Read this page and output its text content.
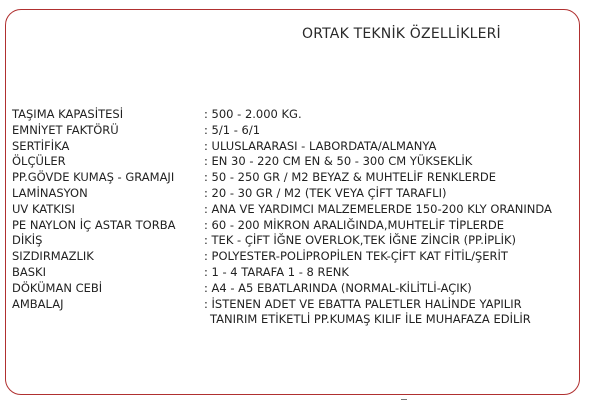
ORTAK TEKNİK ÖZELLİKLERİ
TAŞIMA KAPASİTESİ	: 500 - 2.000 KG.
EMNİYET FAKTÖRÜ	: 5/1 - 6/1
SERTİFİKA	: ULUSLARARASI - LABORDATA/ALMANYA
ÖLÇÜLER	: EN 30 - 220 CM EN & 50 - 300 CM YÜKSEKLİK
PP.GÖVDE KUMAŞ - GRAMAJI	: 50 - 250 GR / M2 BEYAZ & MUHTELİF RENKLERDE
LAMİNASYON	: 20 - 30 GR / M2 (TEK VEYA ÇİFT TARAFLI)
UV KATKISI	: ANA VE YARDIMCI MALZEMELERDE 150-200 KLY ORANINDA
PE NAYLON İÇ ASTAR TORBA : 60 - 200 MİKRON ARALIĞINDA,MUHTELİF TİPLERDE
DİKİŞ	: TEK - ÇİFT İĞNE OVERLOK,TEK İĞNE ZİNCİR (PP.İPLİK)
SIZDIRMAZLIK	: POLYESTER-POLİPROPİLEN TEK-ÇİFT KAT FİTİL/ŞERİT
BASKI	: 1 - 4 TARAFA 1 - 8 RENK
DÖKÜMAN CEBİ	: A4 - A5 EBATLARINDA (NORMAL-KİLİTLİ-AÇIK)
AMBALAJ	: İSTENEN ADET VE EBATTA PALETLER HALİNDE YAPILIR
TANIRIM ETİKETLİ PP.KUMAŞ KILIF İLE MUHAFAZA EDİLİR
